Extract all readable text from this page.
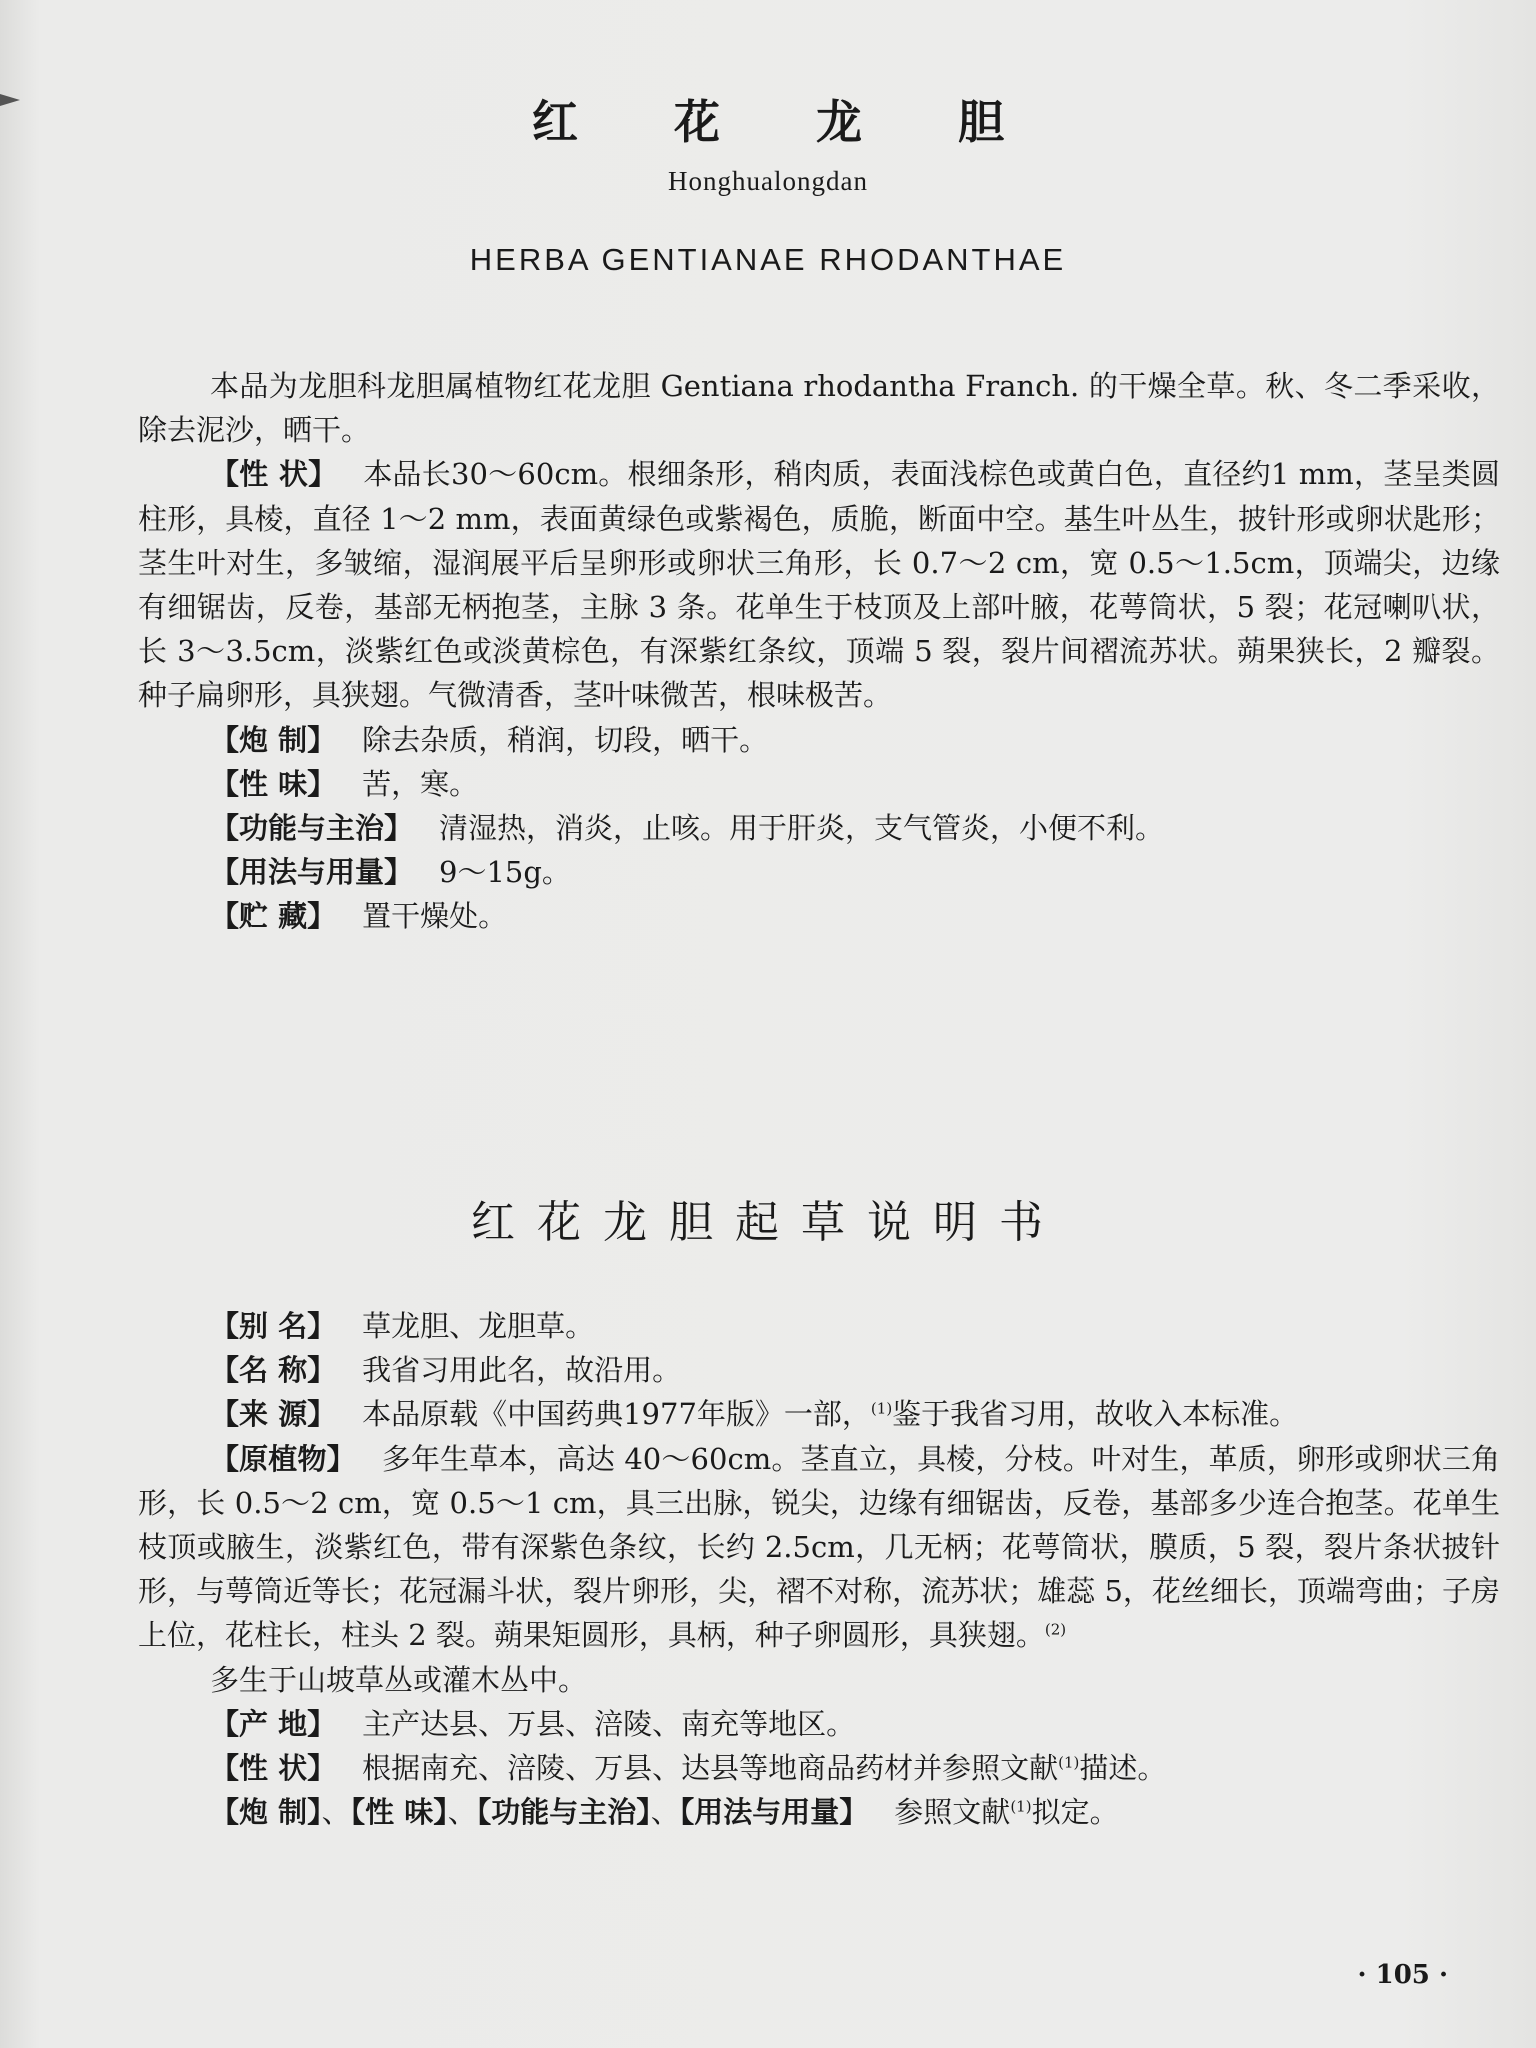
红 花 龙 胆
Honghualongdan
HERBA GENTIANAE RHODANTHAE

本品为龙胆科龙胆属植物红花龙胆 Gentiana rhodantha Franch. 的干燥全草。秋、冬二季采收，除去泥沙，晒干。

【性 状】 本品长30～60cm。根细条形，稍肉质，表面浅棕色或黄白色，直径约1 mm，茎呈类圆柱形，具棱，直径 1～2 mm，表面黄绿色或紫褐色，质脆，断面中空。基生叶丛生，披针形或卵状匙形；茎生叶对生，多皱缩，湿润展平后呈卵形或卵状三角形，长 0.7～2 cm，宽 0.5～1.5cm，顶端尖，边缘有细锯齿，反卷，基部无柄抱茎，主脉 3 条。花单生于枝顶及上部叶腋，花萼筒状，5 裂；花冠喇叭状，长 3～3.5cm，淡紫红色或淡黄棕色，有深紫红条纹，顶端 5 裂，裂片间褶流苏状。蒴果狭长，2 瓣裂。种子扁卵形，具狭翅。气微清香，茎叶味微苦，根味极苦。

【炮 制】 除去杂质，稍润，切段，晒干。

【性 味】 苦，寒。

【功能与主治】 清湿热，消炎，止咳。用于肝炎，支气管炎，小便不利。

【用法与用量】 9～15g。

【贮 藏】 置干燥处。

红花龙胆起草说明书

【别 名】 草龙胆、龙胆草。

【名 称】 我省习用此名，故沿用。

【来 源】 本品原载《中国药典1977年版》一部，$^{(1)}$鉴于我省习用，故收入本标准。

【原植物】 多年生草本，高达 40～60cm。茎直立，具棱，分枝。叶对生，革质，卵形或卵状三角形，长 0.5～2 cm，宽 0.5～1 cm，具三出脉，锐尖，边缘有细锯齿，反卷，基部多少连合抱茎。花单生枝顶或腋生，淡紫红色，带有深紫色条纹，长约 2.5cm，几无柄；花萼筒状，膜质，5 裂，裂片条状披针形，与萼筒近等长；花冠漏斗状，裂片卵形，尖，褶不对称，流苏状；雄蕊 5，花丝细长，顶端弯曲；子房上位，花柱长，柱头 2 裂。蒴果矩圆形，具柄，种子卵圆形，具狭翅。$^{(2)}$

多生于山坡草丛或灌木丛中。

【产 地】 主产达县、万县、涪陵、南充等地区。

【性 状】 根据南充、涪陵、万县、达县等地商品药材并参照文献$^{(1)}$描述。

【炮 制】、【性 味】、【功能与主治】、【用法与用量】 参照文献$^{(1)}$拟定。

· 105 ·
